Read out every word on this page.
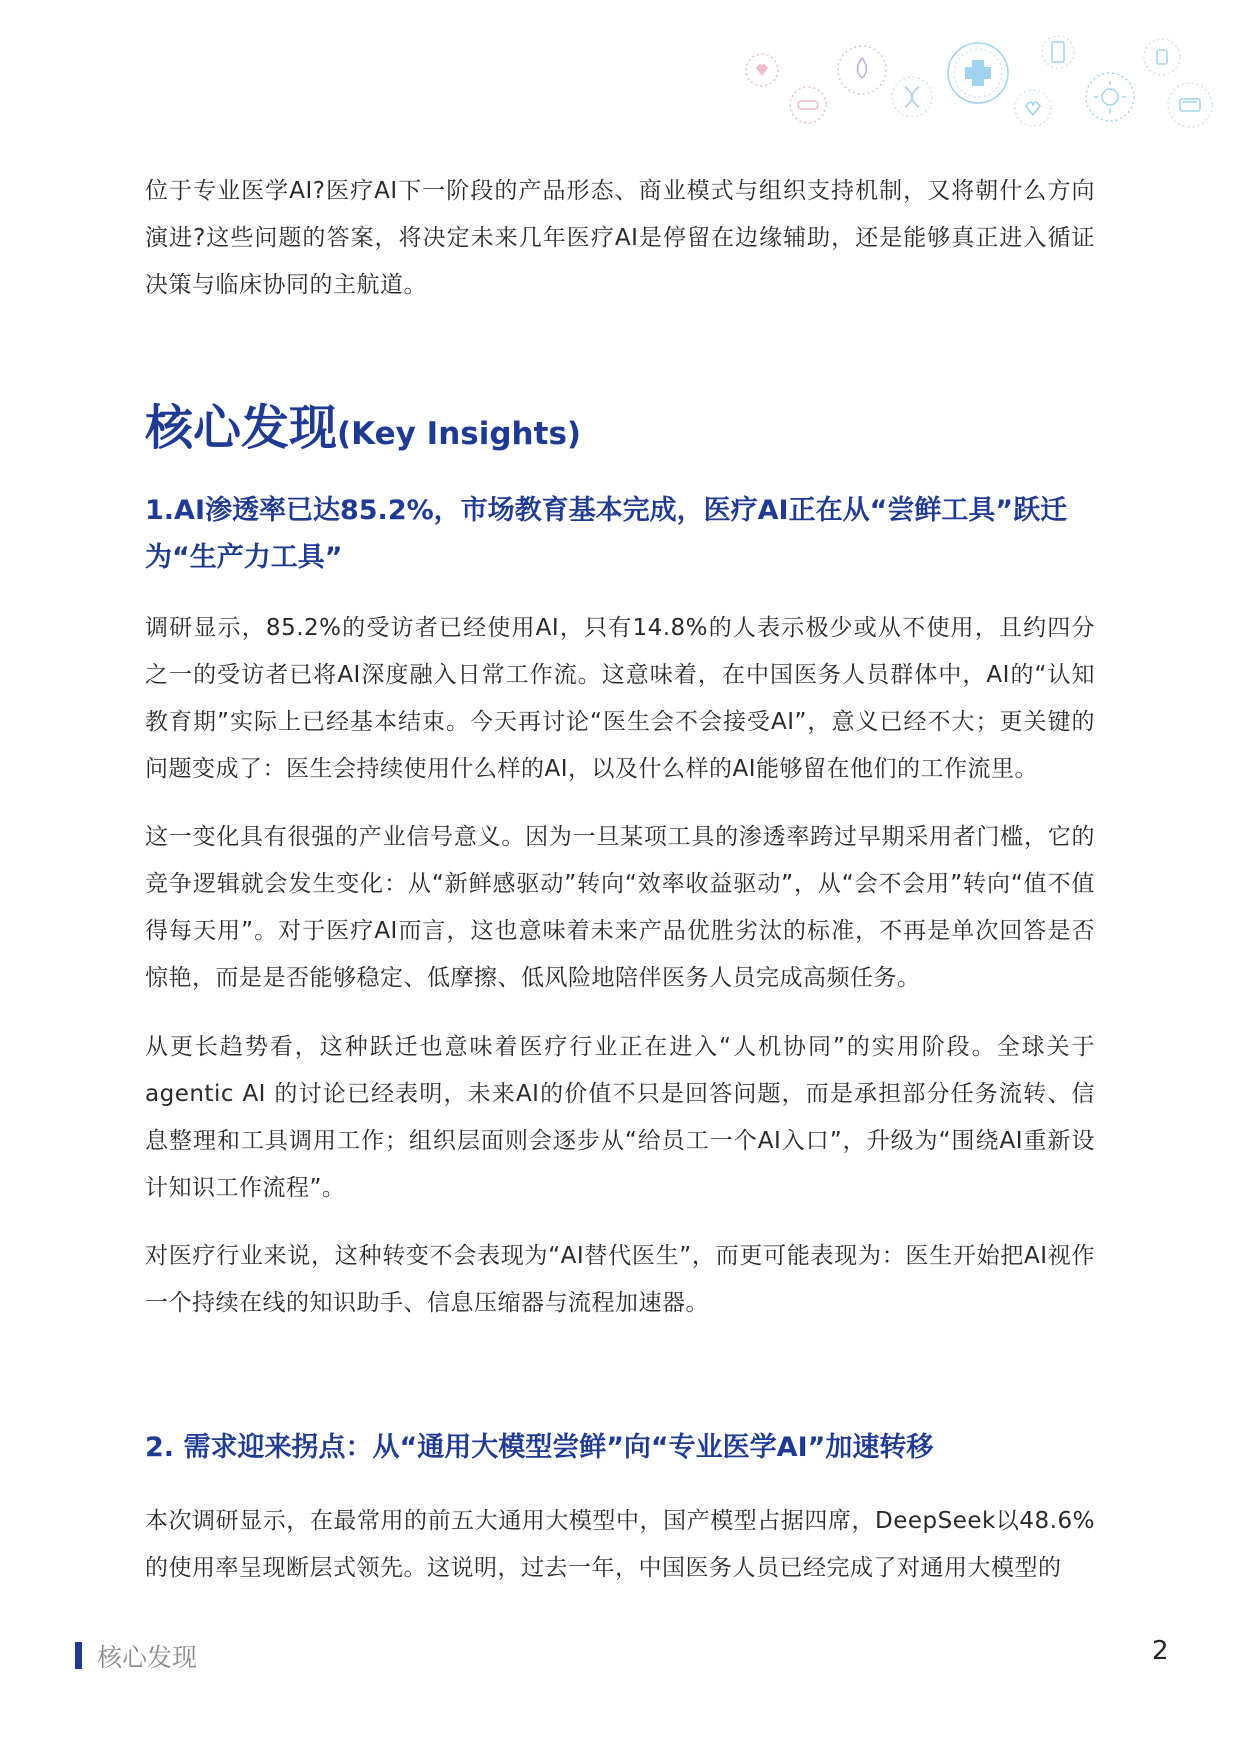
位于专业医学AI?医疗AI下一阶段的产品形态、商业模式与组织支持机制，又将朝什么方向演进?这些问题的答案，将决定未来几年医疗AI是停留在边缘辅助，还是能够真正进入循证决策与临床协同的主航道。

核心发现(Key Insights)
1.AI渗透率已达85.2%，市场教育基本完成，医疗AI正在从“尝鲜工具”跃迁为“生产力工具”

调研显示，85.2%的受访者已经使用AI，只有14.8%的人表示极少或从不使用，且约四分之一的受访者已将AI深度融入日常工作流。这意味着，在中国医务人员群体中，AI的“认知教育期”实际上已经基本结束。今天再讨论“医生会不会接受AI”，意义已经不大；更关键的问题变成了：医生会持续使用什么样的AI，以及什么样的AI能够留在他们的工作流里。

这一变化具有很强的产业信号意义。因为一旦某项工具的渗透率跨过早期采用者门槛，它的竞争逻辑就会发生变化：从“新鲜感驱动”转向“效率收益驱动”，从“会不会用”转向“值不值得每天用”。对于医疗AI而言，这也意味着未来产品优胜劣汰的标准，不再是单次回答是否惊艳，而是是否能够稳定、低摩擦、低风险地陪伴医务人员完成高频任务。

从更长趋势看，这种跃迁也意味着医疗行业正在进入“人机协同”的实用阶段。全球关于agentic AI 的讨论已经表明，未来AI的价值不只是回答问题，而是承担部分任务流转、信息整理和工具调用工作；组织层面则会逐步从“给员工一个AI入口”，升级为“围绕AI重新设计知识工作流程”。

对医疗行业来说，这种转变不会表现为“AI替代医生”，而更可能表现为：医生开始把AI视作一个持续在线的知识助手、信息压缩器与流程加速器。

2. 需求迎来拐点：从“通用大模型尝鲜”向“专业医学AI”加速转移

本次调研显示，在最常用的前五大通用大模型中，国产模型占据四席，DeepSeek以48.6%的使用率呈现断层式领先。这说明，过去一年，中国医务人员已经完成了对通用大模型的

核心发现	2
